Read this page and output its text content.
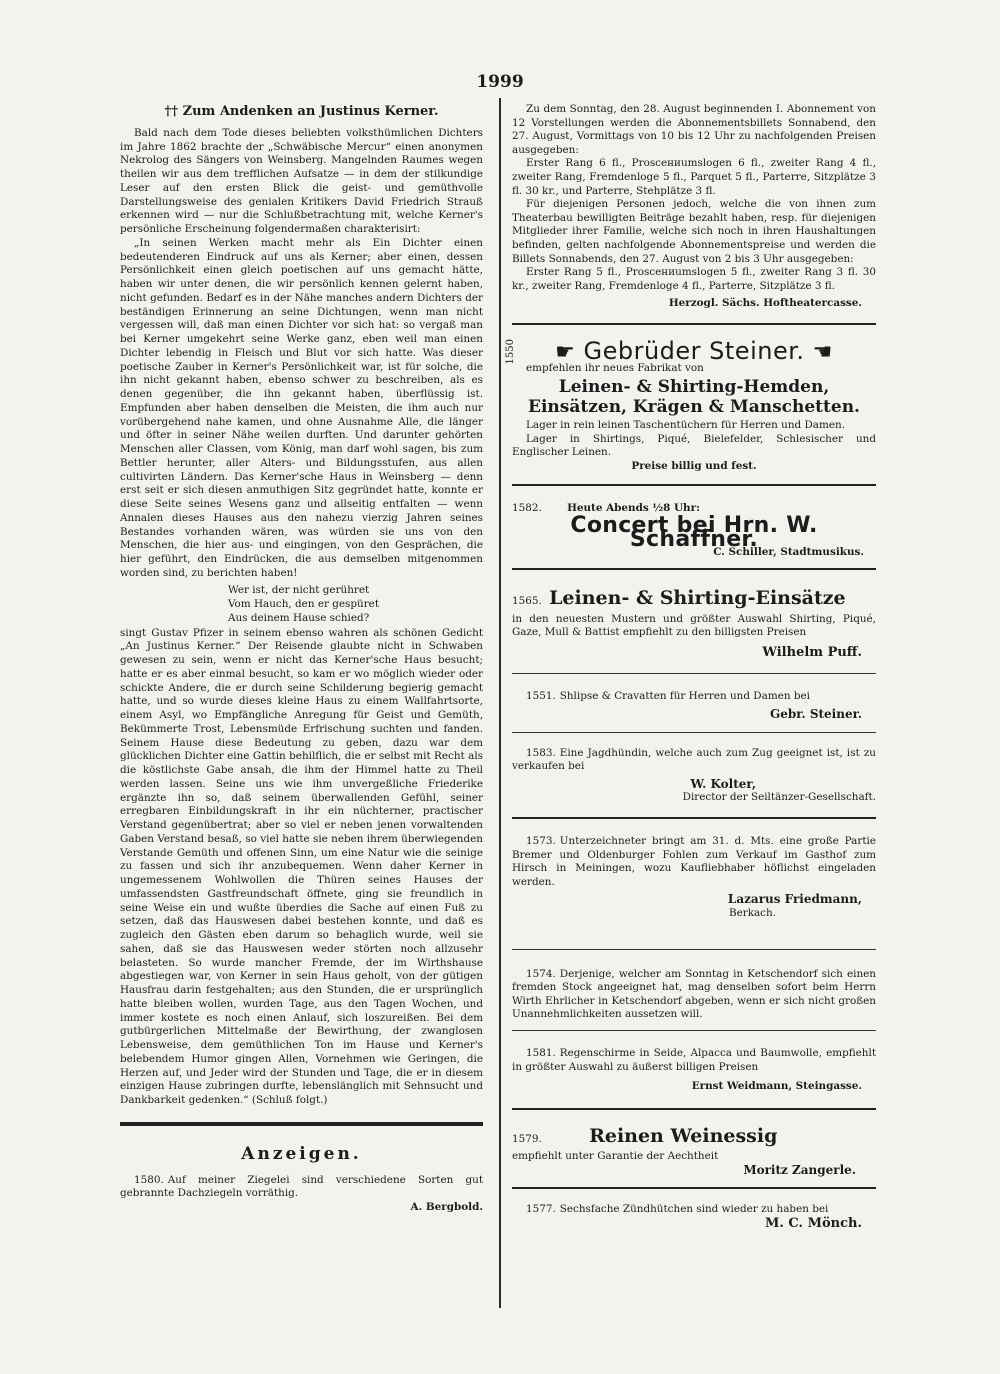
1999
†† Zum Andenken an Justinus Kerner.

Bald nach dem Tode dieses beliebten volksthümlichen Dichters im Jahre 1862 brachte der „Schwäbische Mercur“ einen anonymen Nekrolog des Sängers von Weinsberg. Mangelnden Raumes wegen theilen wir aus dem trefflichen Aufsatze — in dem der stilkundige Leser auf den ersten Blick die geist- und gemüthvolle Darstellungsweise des genialen Kritikers David Friedrich Strauß erkennen wird — nur die Schlußbetrachtung mit, welche Kerner's persönliche Erscheinung folgendermaßen charakterisirt:

„In seinen Werken macht mehr als Ein Dichter einen bedeutenderen Eindruck auf uns als Kerner; aber einen, dessen Persönlichkeit einen gleich poetischen auf uns gemacht hätte, haben wir unter denen, die wir persönlich kennen gelernt haben, nicht gefunden. Bedarf es in der Nähe manches andern Dichters der beständigen Erinnerung an seine Dichtungen, wenn man nicht vergessen will, daß man einen Dichter vor sich hat: so vergaß man bei Kerner umgekehrt seine Werke ganz, eben weil man einen Dichter lebendig in Fleisch und Blut vor sich hatte. Was dieser poetische Zauber in Kerner's Persönlichkeit war, ist für solche, die ihn nicht gekannt haben, ebenso schwer zu beschreiben, als es denen gegenüber, die ihn gekannt haben, überflüssig ist. Empfunden aber haben denselben die Meisten, die ihm auch nur vorübergehend nahe kamen, und ohne Ausnahme Alle, die länger und öfter in seiner Nähe weilen durften. Und darunter gehörten Menschen aller Classen, vom König, man darf wohl sagen, bis zum Bettler herunter, aller Alters- und Bildungsstufen, aus allen cultivirten Ländern. Das Kerner'sche Haus in Weinsberg — denn erst seit er sich diesen anmuthigen Sitz gegründet hatte, konnte er diese Seite seines Wesens ganz und allseitig entfalten — wenn Annalen dieses Hauses aus den nahezu vierzig Jahren seines Bestandes vorhanden wären, was würden sie uns von den Menschen, die hier aus- und eingingen, von den Gesprächen, die hier geführt, den Eindrücken, die aus demselben mitgenommen worden sind, zu berichten haben!

Wer ist, der nicht gerühret
Vom Hauch, den er gespüret
Aus deinem Hause schied?

singt Gustav Pfizer in seinem ebenso wahren als schönen Gedicht „An Justinus Kerner.“ Der Reisende glaubte nicht in Schwaben gewesen zu sein, wenn er nicht das Kerner'sche Haus besucht; hatte er es aber einmal besucht, so kam er wo möglich wieder oder schickte Andere, die er durch seine Schilderung begierig gemacht hatte, und so wurde dieses kleine Haus zu einem Wallfahrtsorte, einem Asyl, wo Empfängliche Anregung für Geist und Gemüth, Bekümmerte Trost, Lebensmüde Erfrischung suchten und fanden. Seinem Hause diese Bedeutung zu geben, dazu war dem glücklichen Dichter eine Gattin behilflich, die er selbst mit Recht als die köstlichste Gabe ansah, die ihm der Himmel hatte zu Theil werden lassen. Seine uns wie ihm unvergeßliche Friederike ergänzte ihn so, daß seinem überwallenden Gefühl, seiner erregbaren Einbildungskraft in ihr ein nüchterner, practischer Verstand gegenübertrat; aber so viel er neben jenen vorwaltenden Gaben Verstand besaß, so viel hatte sie neben ihrem überwiegenden Verstande Gemüth und offenen Sinn, um eine Natur wie die seinige zu fassen und sich ihr anzubequemen. Wenn daher Kerner in ungemessenem Wohlwollen die Thüren seines Hauses der umfassendsten Gastfreundschaft öffnete, ging sie freundlich in seine Weise ein und wußte überdies die Sache auf einen Fuß zu setzen, daß das Hauswesen dabei bestehen konnte, und daß es zugleich den Gästen eben darum so behaglich wurde, weil sie sahen, daß sie das Hauswesen weder störten noch allzusehr belasteten. So wurde mancher Fremde, der im Wirthshause abgestiegen war, von Kerner in sein Haus geholt, von der gütigen Hausfrau darin festgehalten; aus den Stunden, die er ursprünglich hatte bleiben wollen, wurden Tage, aus den Tagen Wochen, und immer kostete es noch einen Anlauf, sich loszureißen. Bei dem gutbürgerlichen Mittelmaße der Bewirthung, der zwanglosen Lebensweise, dem gemüthlichen Ton im Hause und Kerner's belebendem Humor gingen Allen, Vornehmen wie Geringen, die Herzen auf, und Jeder wird der Stunden und Tage, die er in diesem einzigen Hause zubringen durfte, lebenslänglich mit Sehnsucht und Dankbarkeit gedenken.“ (Schluß folgt.)

Anzeigen.

1580. Auf meiner Ziegelei sind verschiedene Sorten gut gebrannte Dachziegeln vorräthig.

A. Bergbold.

Zu dem Sonntag, den 28. August beginnenden I. Abonnement von 12 Vorstellungen werden die Abonnementsbillets Sonnabend, den 27. August, Vormittags von 10 bis 12 Uhr zu nachfolgenden Preisen ausgegeben:

Erster Rang 6 fl., Proscениumslogen 6 fl., zweiter Rang 4 fl., zweiter Rang, Fremdenloge 5 fl., Parquet 5 fl., Parterre, Sitzplätze 3 fl. 30 kr., und Parterre, Stehplätze 3 fl.

Für diejenigen Personen jedoch, welche die von ihnen zum Theaterbau bewilligten Beiträge bezahlt haben, resp. für diejenigen Mitglieder ihrer Familie, welche sich noch in ihren Haushaltungen befinden, gelten nachfolgende Abonnementspreise und werden die Billets Sonnabends, den 27. August von 2 bis 3 Uhr ausgegeben:

Erster Rang 5 fl., Proscениumslogen 5 fl., zweiter Rang 3 fl. 30 kr., zweiter Rang, Fremdenloge 4 fl., Parterre, Sitzplätze 3 fl.

Herzogl. Sächs. Hoftheatercasse.
1550	☛ Gebrüder Steiner. ☚
empfehlen ihr neues Fabrikat von
Leinen- & Shirting-Hemden,
Einsätzen, Krägen & Manschetten.

Lager in rein leinen Taschentüchern für Herren und Damen.

Lager in Shirtings, Piqué, Bielefelder, Schlesischer und Englischer Leinen.

Preise billig und fest.
1582. Heute Abends ½8 Uhr:
Concert bei Hrn. W. Schaffner.
C. Schiller, Stadtmusikus.
1565. Leinen- & Shirting-Einsätze

in den neuesten Mustern und größter Auswahl Shirting, Piqué, Gaze, Mull & Battist empfiehlt zu den billigsten Preisen

Wilhelm Puff.

1551. Shlipse & Cravatten für Herren und Damen bei

Gebr. Steiner.

1583. Eine Jagdhündin, welche auch zum Zug geeignet ist, ist zu verkaufen bei

W. Kolter,
Director der Seiltänzer-Gesellschaft.

1573. Unterzeichneter bringt am 31. d. Mts. eine große Partie Bremer und Oldenburger Fohlen zum Verkauf im Gasthof zum Hirsch in Meiningen, wozu Kaufliebhaber höflichst eingeladen werden.

Lazarus Friedmann,
Berkach.

1574. Derjenige, welcher am Sonntag in Ketschendorf sich einen fremden Stock angeeignet hat, mag denselben sofort beim Herrn Wirth Ehrlicher in Ketschendorf abgeben, wenn er sich nicht großen Unannehmlichkeiten aussetzen will.

1581. Regenschirme in Seide, Alpacca und Baumwolle, empfiehlt in größter Auswahl zu äußerst billigen Preisen

Ernst Weidmann, Steingasse.
1579. Reinen Weinessig
empfiehlt unter Garantie der Aechtheit
Moritz Zangerle.

1577. Sechsfache Zündhütchen sind wieder zu haben bei

M. C. Mönch.
